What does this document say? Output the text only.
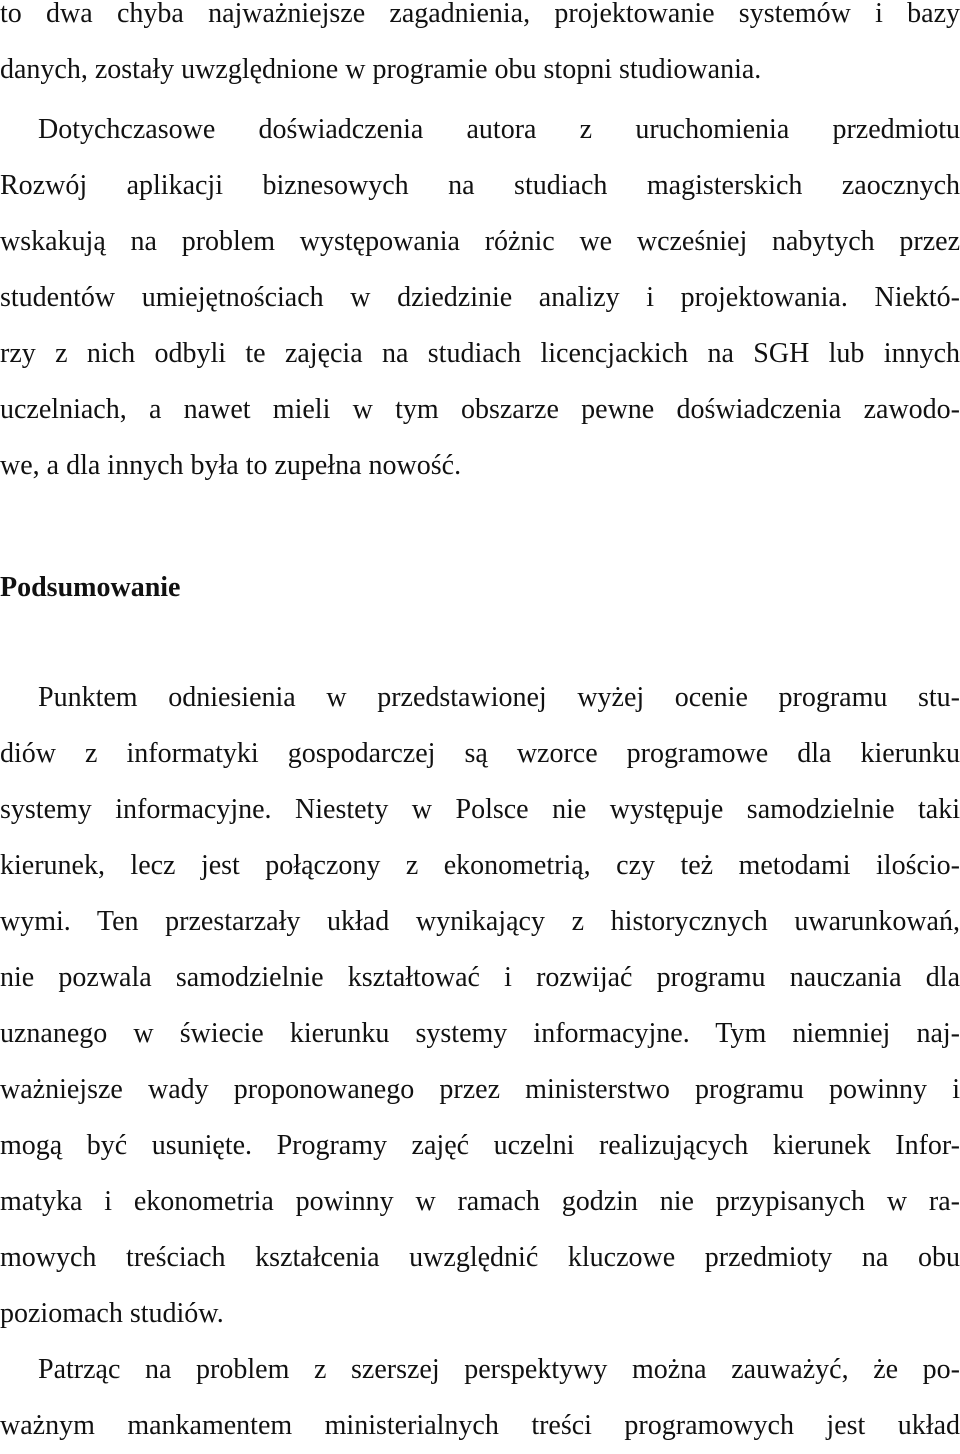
to dwa chyba najważniejsze zagadnienia, projektowanie systemów i bazy
danych, zostały uwzględnione w programie obu stopni studiowania.
Dotychczasowe doświadczenia autora z uruchomienia przedmiotu
Rozwój aplikacji biznesowych na studiach magisterskich zaocznych
wskakują na problem występowania różnic we wcześniej nabytych przez
studentów umiejętnościach w dziedzinie analizy i projektowania. Niektó-
rzy z nich odbyli te zajęcia na studiach licencjackich na SGH lub innych
uczelniach, a nawet mieli w tym obszarze pewne doświadczenia zawodo-
we, a dla innych była to zupełna nowość.
Podsumowanie
Punktem odniesienia w przedstawionej wyżej ocenie programu stu-
diów z informatyki gospodarczej są wzorce programowe dla kierunku
systemy informacyjne. Niestety w Polsce nie występuje samodzielnie taki
kierunek, lecz jest połączony z ekonometrią, czy też metodami ilościo-
wymi. Ten przestarzały układ wynikający z historycznych uwarunkowań,
nie pozwala samodzielnie kształtować i rozwijać programu nauczania dla
uznanego w świecie kierunku systemy informacyjne. Tym niemniej naj-
ważniejsze wady proponowanego przez ministerstwo programu powinny i
mogą być usunięte. Programy zajęć uczelni realizujących kierunek Infor-
matyka i ekonometria powinny w ramach godzin nie przypisanych w ra-
mowych treściach kształcenia uwzględnić kluczowe przedmioty na obu
poziomach studiów.
Patrząc na problem z szerszej perspektywy można zauważyć, że po-
ważnym mankamentem ministerialnych treści programowych jest układ
